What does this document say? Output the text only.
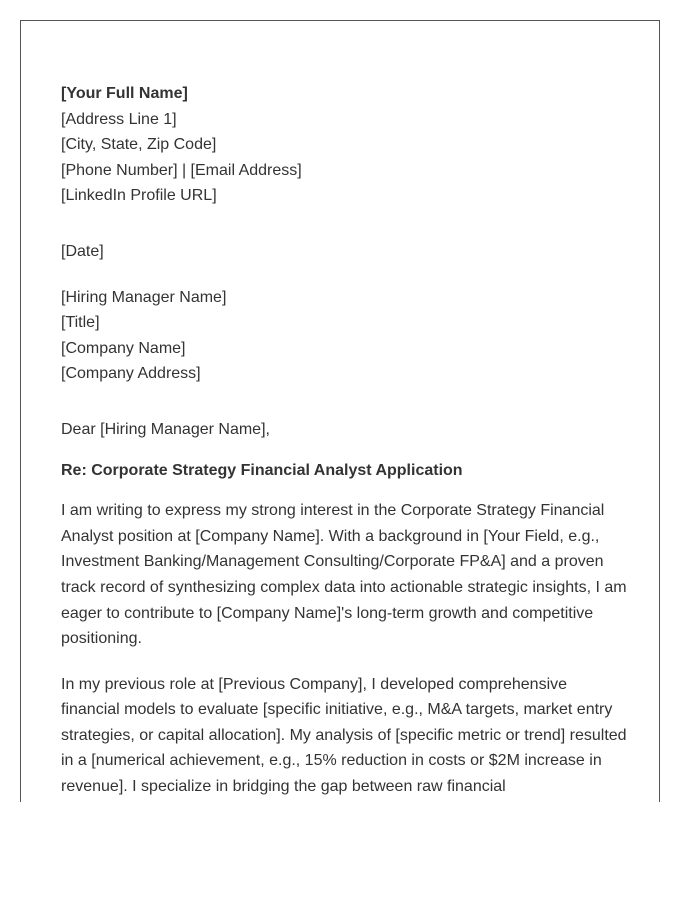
[Your Full Name]
[Address Line 1]
[City, State, Zip Code]
[Phone Number] | [Email Address]
[LinkedIn Profile URL]
[Date]
[Hiring Manager Name]
[Title]
[Company Name]
[Company Address]
Dear [Hiring Manager Name],
Re: Corporate Strategy Financial Analyst Application

I am writing to express my strong interest in the Corporate Strategy Financial Analyst position at [Company Name]. With a background in [Your Field, e.g., Investment Banking/Management Consulting/Corporate FP&A] and a proven track record of synthesizing complex data into actionable strategic insights, I am eager to contribute to [Company Name]'s long-term growth and competitive positioning.

In my previous role at [Previous Company], I developed comprehensive financial models to evaluate [specific initiative, e.g., M&A targets, market entry strategies, or capital allocation]. My analysis of [specific metric or trend] resulted in a [numerical achievement, e.g., 15% reduction in costs or $2M increase in revenue]. I specialize in bridging the gap between raw financial
